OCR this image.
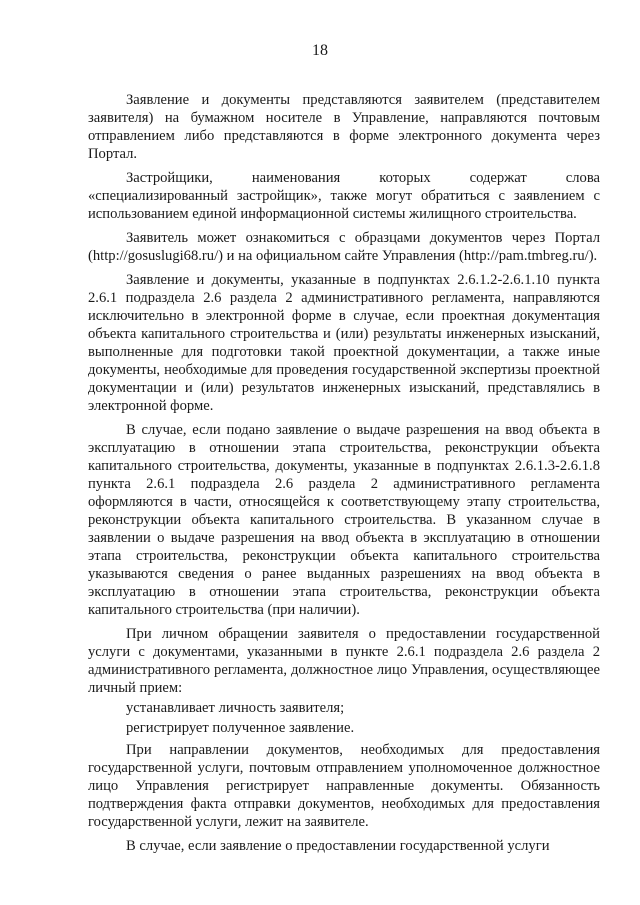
18

Заявление и документы представляются заявителем (представителем заявителя) на бумажном носителе в Управление, направляются почтовым отправлением либо представляются в форме электронного документа через Портал.

Застройщики, наименования которых содержат слова «специализированный застройщик», также могут обратиться с заявлением с использованием единой информационной системы жилищного строительства.

Заявитель может ознакомиться с образцами документов через Портал (http://gosuslugi68.ru/) и на официальном сайте Управления (http://pam.tmbreg.ru/).

Заявление и документы, указанные в подпунктах 2.6.1.2-2.6.1.10 пункта 2.6.1 подраздела 2.6 раздела 2 административного регламента, направляются исключительно в электронной форме в случае, если проектная документация объекта капитального строительства и (или) результаты инженерных изысканий, выполненные для подготовки такой проектной документации, а также иные документы, необходимые для проведения государственной экспертизы проектной документации и (или) результатов инженерных изысканий, представлялись в электронной форме.

В случае, если подано заявление о выдаче разрешения на ввод объекта в эксплуатацию в отношении этапа строительства, реконструкции объекта капитального строительства, документы, указанные в подпунктах 2.6.1.3-2.6.1.8 пункта 2.6.1 подраздела 2.6 раздела 2 административного регламента оформляются в части, относящейся к соответствующему этапу строительства, реконструкции объекта капитального строительства. В указанном случае в заявлении о выдаче разрешения на ввод объекта в эксплуатацию в отношении этапа строительства, реконструкции объекта капитального строительства указываются сведения о ранее выданных разрешениях на ввод объекта в эксплуатацию в отношении этапа строительства, реконструкции объекта капитального строительства (при наличии).

При личном обращении заявителя о предоставлении государственной услуги с документами, указанными в пункте 2.6.1 подраздела 2.6 раздела 2 административного регламента, должностное лицо Управления, осуществляющее личный прием:

устанавливает личность заявителя;

регистрирует полученное заявление.

При направлении документов, необходимых для предоставления государственной услуги, почтовым отправлением уполномоченное должностное лицо Управления регистрирует направленные документы. Обязанность подтверждения факта отправки документов, необходимых для предоставления государственной услуги, лежит на заявителе.

В случае, если заявление о предоставлении государственной услуги
